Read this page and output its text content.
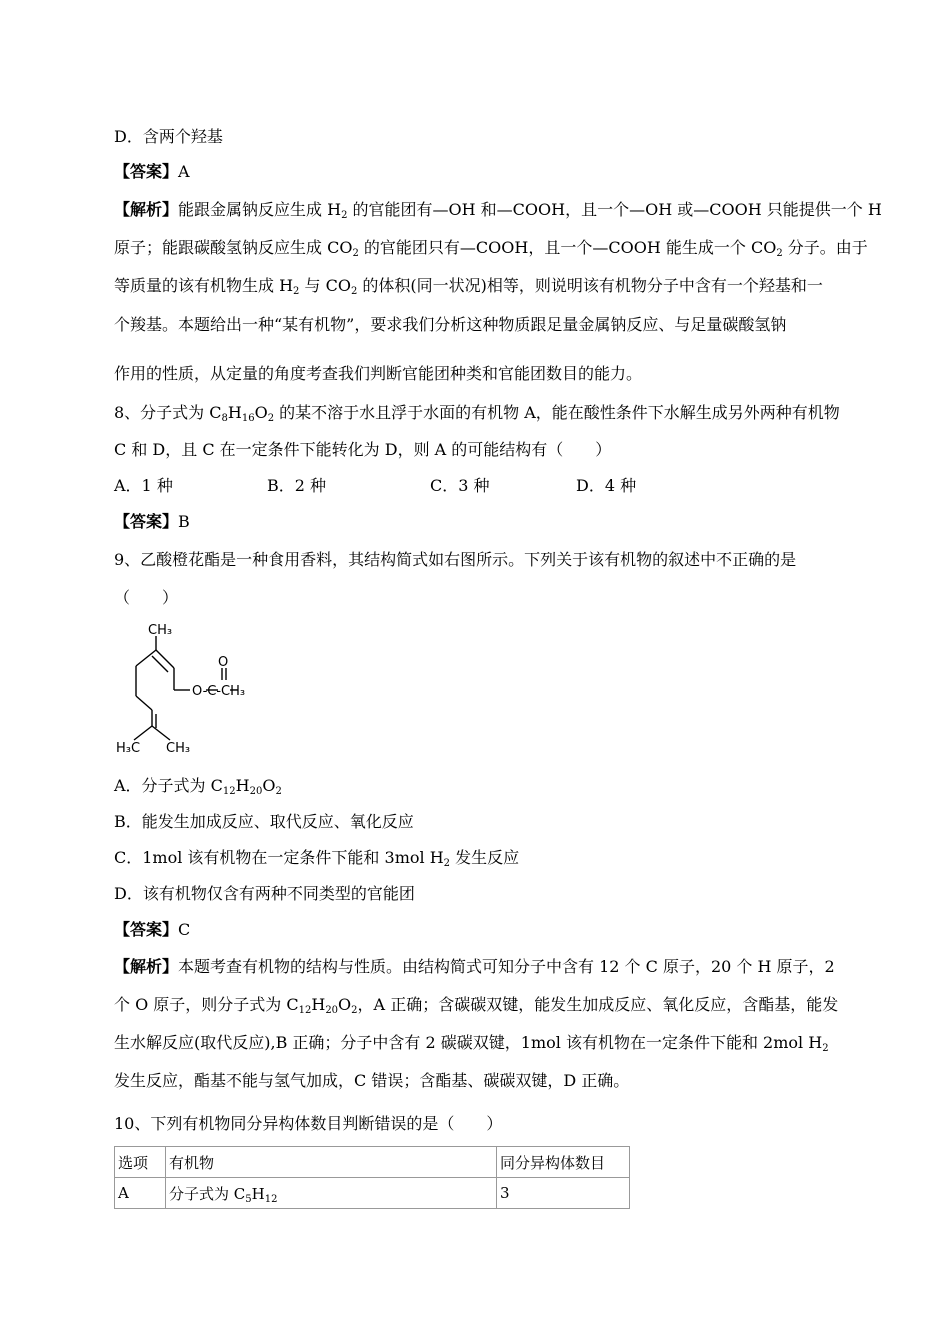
D．含两个羟基
【答案】A
【解析】能跟金属钠反应生成 $H_2$ 的官能团有—OH 和—COOH，且一个—OH 或—COOH 只能提供一个 H
原子；能跟碳酸氢钠反应生成 $CO_2$ 的官能团只有—COOH，且一个—COOH 能生成一个 $CO_2$ 分子。由于
等质量的该有机物生成 $H_2$ 与 $CO_2$ 的体积(同一状况)相等，则说明该有机物分子中含有一个羟基和一
个羧基。本题给出一种“某有机物”，要求我们分析这种物质跟足量金属钠反应、与足量碳酸氢钠
作用的性质，从定量的角度考查我们判断官能团种类和官能团数目的能力。
8、分子式为 $C_8H_{16}O_2$ 的某不溶于水且浮于水面的有机物 A，能在酸性条件下水解生成另外两种有机物
C 和 D，且 C 在一定条件下能转化为 D，则 A 的可能结构有（　　）
A．1 种	B．2 种	C．3 种	D．4 种
【答案】B
9、乙酸橙花酯是一种食用香料，其结构简式如右图所示。下列关于该有机物的叙述中不正确的是
（　　）
CH₃
O-C-CH₃
O
H₃C CH₃
A．分子式为 $C_{12}H_{20}O_2$
B．能发生加成反应、取代反应、氧化反应
C．1mol 该有机物在一定条件下能和 3mol $H_2$ 发生反应
D．该有机物仅含有两种不同类型的官能团
【答案】C
【解析】本题考查有机物的结构与性质。由结构简式可知分子中含有 12 个 C 原子，20 个 H 原子，2
个 O 原子，则分子式为 $C_{12}H_{20}O_2$，A 正确；含碳碳双键，能发生加成反应、氧化反应，含酯基，能发
生水解反应(取代反应),B 正确；分子中含有 2 碳碳双键，1mol 该有机物在一定条件下能和 2mol $H_2$
发生反应，酯基不能与氢气加成，C 错误；含酯基、碳碳双键，D 正确。
10、下列有机物同分异构体数目判断错误的是（　　）
选项	有机物	同分异构体数目
A	分子式为 $C_5H_{12}$	3
